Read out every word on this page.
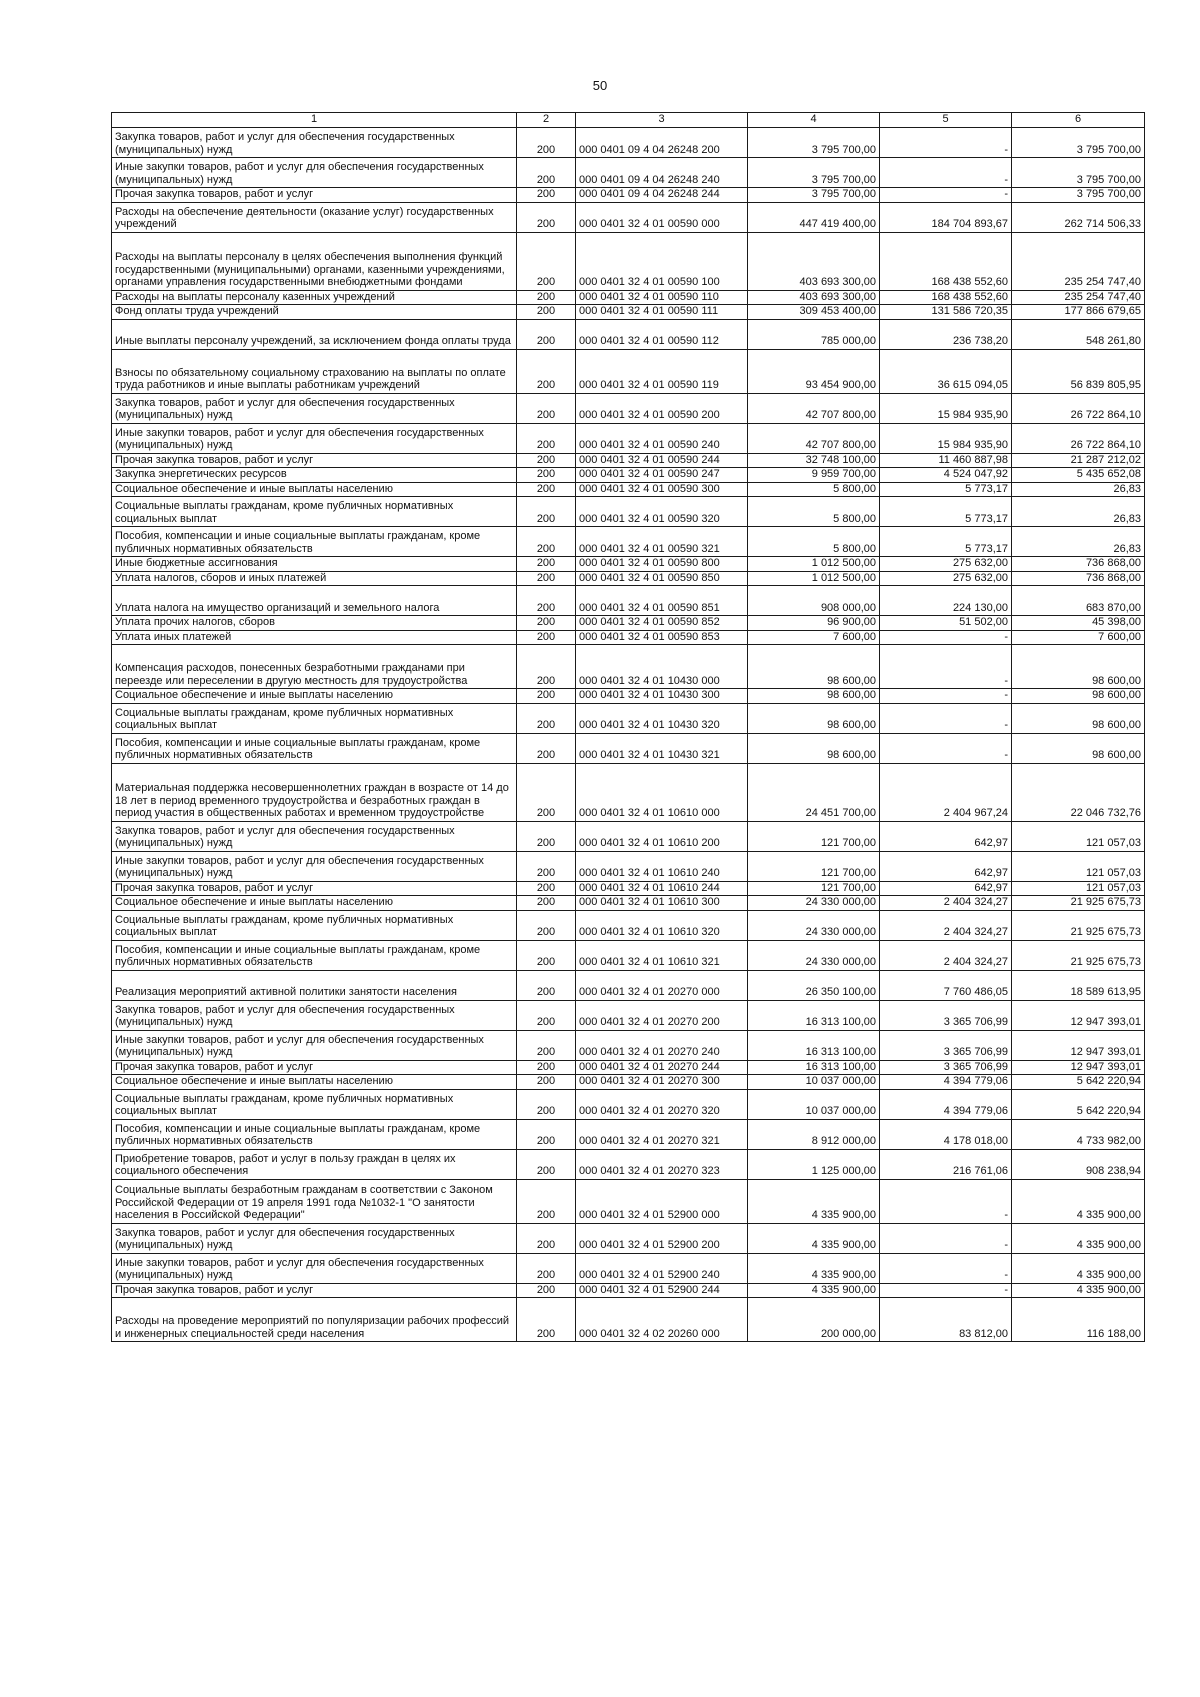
50
1	2	3	4	5	6
Закупка товаров, работ и услуг для обеспечения государственных (муниципальных) нужд	200	000 0401 09 4 04 26248 200	3 795 700,00	-	3 795 700,00
Иные закупки товаров, работ и услуг для обеспечения государственных (муниципальных) нужд	200	000 0401 09 4 04 26248 240	3 795 700,00	-	3 795 700,00
Прочая закупка товаров, работ и услуг	200	000 0401 09 4 04 26248 244	3 795 700,00	-	3 795 700,00
Расходы на обеспечение деятельности (оказание услуг) государственных учреждений	200	000 0401 32 4 01 00590 000	447 419 400,00	184 704 893,67	262 714 506,33
Расходы на выплаты персоналу в целях обеспечения выполнения функций государственными (муниципальными) органами, казенными учреждениями, органами управления государственными внебюджетными фондами	200	000 0401 32 4 01 00590 100	403 693 300,00	168 438 552,60	235 254 747,40
Расходы на выплаты персоналу казенных учреждений	200	000 0401 32 4 01 00590 110	403 693 300,00	168 438 552,60	235 254 747,40
Фонд оплаты труда учреждений	200	000 0401 32 4 01 00590 111	309 453 400,00	131 586 720,35	177 866 679,65
Иные выплаты персоналу учреждений, за исключением фонда оплаты труда	200	000 0401 32 4 01 00590 112	785 000,00	236 738,20	548 261,80
Взносы по обязательному социальному страхованию на выплаты по оплате труда работников и иные выплаты работникам учреждений	200	000 0401 32 4 01 00590 119	93 454 900,00	36 615 094,05	56 839 805,95
Закупка товаров, работ и услуг для обеспечения государственных (муниципальных) нужд	200	000 0401 32 4 01 00590 200	42 707 800,00	15 984 935,90	26 722 864,10
Иные закупки товаров, работ и услуг для обеспечения государственных (муниципальных) нужд	200	000 0401 32 4 01 00590 240	42 707 800,00	15 984 935,90	26 722 864,10
Прочая закупка товаров, работ и услуг	200	000 0401 32 4 01 00590 244	32 748 100,00	11 460 887,98	21 287 212,02
Закупка энергетических ресурсов	200	000 0401 32 4 01 00590 247	9 959 700,00	4 524 047,92	5 435 652,08
Социальное обеспечение и иные выплаты населению	200	000 0401 32 4 01 00590 300	5 800,00	5 773,17	26,83
Социальные выплаты гражданам, кроме публичных нормативных социальных выплат	200	000 0401 32 4 01 00590 320	5 800,00	5 773,17	26,83
Пособия, компенсации и иные социальные выплаты гражданам, кроме публичных нормативных обязательств	200	000 0401 32 4 01 00590 321	5 800,00	5 773,17	26,83
Иные бюджетные ассигнования	200	000 0401 32 4 01 00590 800	1 012 500,00	275 632,00	736 868,00
Уплата налогов, сборов и иных платежей	200	000 0401 32 4 01 00590 850	1 012 500,00	275 632,00	736 868,00
Уплата налога на имущество организаций и земельного налога	200	000 0401 32 4 01 00590 851	908 000,00	224 130,00	683 870,00
Уплата прочих налогов, сборов	200	000 0401 32 4 01 00590 852	96 900,00	51 502,00	45 398,00
Уплата иных платежей	200	000 0401 32 4 01 00590 853	7 600,00	-	7 600,00
Компенсация расходов, понесенных безработными гражданами при переезде или переселении в другую местность для трудоустройства	200	000 0401 32 4 01 10430 000	98 600,00	-	98 600,00
Социальное обеспечение и иные выплаты населению	200	000 0401 32 4 01 10430 300	98 600,00	-	98 600,00
Социальные выплаты гражданам, кроме публичных нормативных социальных выплат	200	000 0401 32 4 01 10430 320	98 600,00	-	98 600,00
Пособия, компенсации и иные социальные выплаты гражданам, кроме публичных нормативных обязательств	200	000 0401 32 4 01 10430 321	98 600,00	-	98 600,00
Материальная поддержка несовершеннолетних граждан в возрасте от 14 до 18 лет в период временного трудоустройства и безработных граждан в период участия в общественных работах и временном трудоустройстве	200	000 0401 32 4 01 10610 000	24 451 700,00	2 404 967,24	22 046 732,76
Закупка товаров, работ и услуг для обеспечения государственных (муниципальных) нужд	200	000 0401 32 4 01 10610 200	121 700,00	642,97	121 057,03
Иные закупки товаров, работ и услуг для обеспечения государственных (муниципальных) нужд	200	000 0401 32 4 01 10610 240	121 700,00	642,97	121 057,03
Прочая закупка товаров, работ и услуг	200	000 0401 32 4 01 10610 244	121 700,00	642,97	121 057,03
Социальное обеспечение и иные выплаты населению	200	000 0401 32 4 01 10610 300	24 330 000,00	2 404 324,27	21 925 675,73
Социальные выплаты гражданам, кроме публичных нормативных социальных выплат	200	000 0401 32 4 01 10610 320	24 330 000,00	2 404 324,27	21 925 675,73
Пособия, компенсации и иные социальные выплаты гражданам, кроме публичных нормативных обязательств	200	000 0401 32 4 01 10610 321	24 330 000,00	2 404 324,27	21 925 675,73
Реализация мероприятий активной политики занятости населения	200	000 0401 32 4 01 20270 000	26 350 100,00	7 760 486,05	18 589 613,95
Закупка товаров, работ и услуг для обеспечения государственных (муниципальных) нужд	200	000 0401 32 4 01 20270 200	16 313 100,00	3 365 706,99	12 947 393,01
Иные закупки товаров, работ и услуг для обеспечения государственных (муниципальных) нужд	200	000 0401 32 4 01 20270 240	16 313 100,00	3 365 706,99	12 947 393,01
Прочая закупка товаров, работ и услуг	200	000 0401 32 4 01 20270 244	16 313 100,00	3 365 706,99	12 947 393,01
Социальное обеспечение и иные выплаты населению	200	000 0401 32 4 01 20270 300	10 037 000,00	4 394 779,06	5 642 220,94
Социальные выплаты гражданам, кроме публичных нормативных социальных выплат	200	000 0401 32 4 01 20270 320	10 037 000,00	4 394 779,06	5 642 220,94
Пособия, компенсации и иные социальные выплаты гражданам, кроме публичных нормативных обязательств	200	000 0401 32 4 01 20270 321	8 912 000,00	4 178 018,00	4 733 982,00
Приобретение товаров, работ и услуг в пользу граждан в целях их социального обеспечения	200	000 0401 32 4 01 20270 323	1 125 000,00	216 761,06	908 238,94
Социальные выплаты безработным гражданам в соответствии с Законом Российской Федерации от 19 апреля 1991 года №1032-1 "О занятости населения в Российской Федерации"	200	000 0401 32 4 01 52900 000	4 335 900,00	-	4 335 900,00
Закупка товаров, работ и услуг для обеспечения государственных (муниципальных) нужд	200	000 0401 32 4 01 52900 200	4 335 900,00	-	4 335 900,00
Иные закупки товаров, работ и услуг для обеспечения государственных (муниципальных) нужд	200	000 0401 32 4 01 52900 240	4 335 900,00	-	4 335 900,00
Прочая закупка товаров, работ и услуг	200	000 0401 32 4 01 52900 244	4 335 900,00	-	4 335 900,00
Расходы на проведение мероприятий по популяризации рабочих профессий и инженерных специальностей среди населения	200	000 0401 32 4 02 20260 000	200 000,00	83 812,00	116 188,00
